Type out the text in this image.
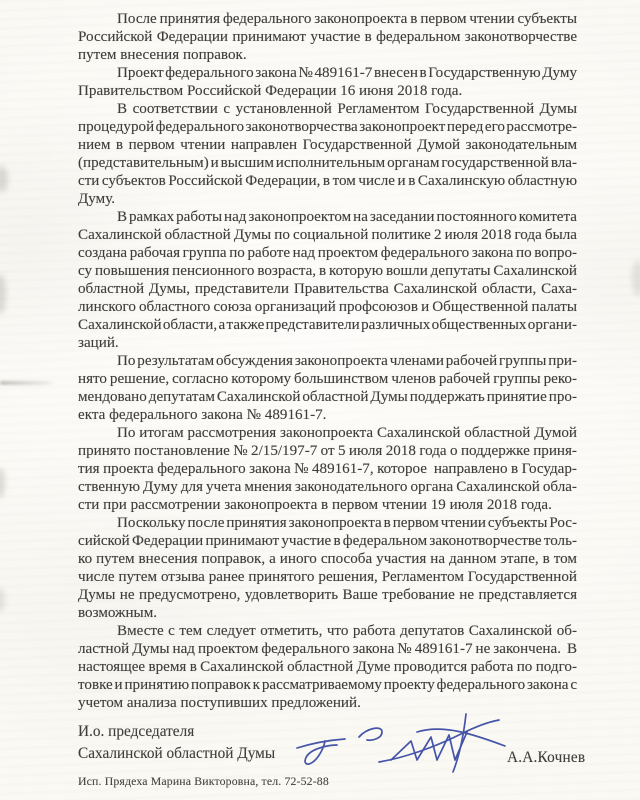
После принятия федерального законопроекта в первом чтении субъекты
Российской Федерации принимают участие в федеральном законотворчестве
путем внесения поправок.
Проект федерального закона № 489161-7 внесен в Государственную Думу
Правительством Российской Федерации 16 июня 2018 года.
В соответствии с установленной Регламентом Государственной Думы
процедурой федерального законотворчества законопроект перед его рассмотре-
нием в первом чтении направлен Государственной Думой законодательным
(представительным) и высшим исполнительным органам государственной вла-
сти субъектов Российской Федерации, в том числе и в Сахалинскую областную
Думу.
В рамках работы над законопроектом на заседании постоянного комитета
Сахалинской областной Думы по социальной политике 2 июля 2018 года была
создана рабочая группа по работе над проектом федерального закона по вопро-
су повышения пенсионного возраста, в которую вошли депутаты Сахалинской
областной Думы, представители Правительства Сахалинской области, Саха-
линского областного союза организаций профсоюзов и Общественной палаты
Сахалинской области, а также представители различных общественных органи-
заций.
По результатам обсуждения законопроекта членами рабочей группы при-
нято решение, согласно которому большинством членов рабочей группы реко-
мендовано депутатам Сахалинской областной Думы поддержать принятие про-
екта федерального закона № 489161-7.
По итогам рассмотрения законопроекта Сахалинской областной Думой
принято постановление № 2/15/197-7 от 5 июля 2018 года о поддержке приня-
тия проекта федерального закона № 489161-7, которое  направлено в Государ-
ственную Думу для учета мнения законодательного органа Сахалинской обла-
сти при рассмотрении законопроекта в первом чтении 19 июля 2018 года.
Поскольку после принятия законопроекта в первом чтении субъекты Рос-
сийской Федерации принимают участие в федеральном законотворчестве толь-
ко путем внесения поправок, а иного способа участия на данном этапе, в том
числе путем отзыва ранее принятого решения, Регламентом Государственной
Думы не предусмотрено, удовлетворить Ваше требование не представляется
возможным.
Вместе с тем следует отметить, что работа депутатов Сахалинской об-
ластной Думы над проектом федерального закона № 489161-7 не закончена.  В
настоящее время в Сахалинской областной Думе проводится работа по подго-
товке и принятию поправок к рассматриваемому проекту федерального закона с
учетом анализа поступивших предложений.
И.о. председателя
Сахалинской областной Думы	А.А.Кочнев
Исп. Прядеха Марина Викторовна, тел. 72-52-88
